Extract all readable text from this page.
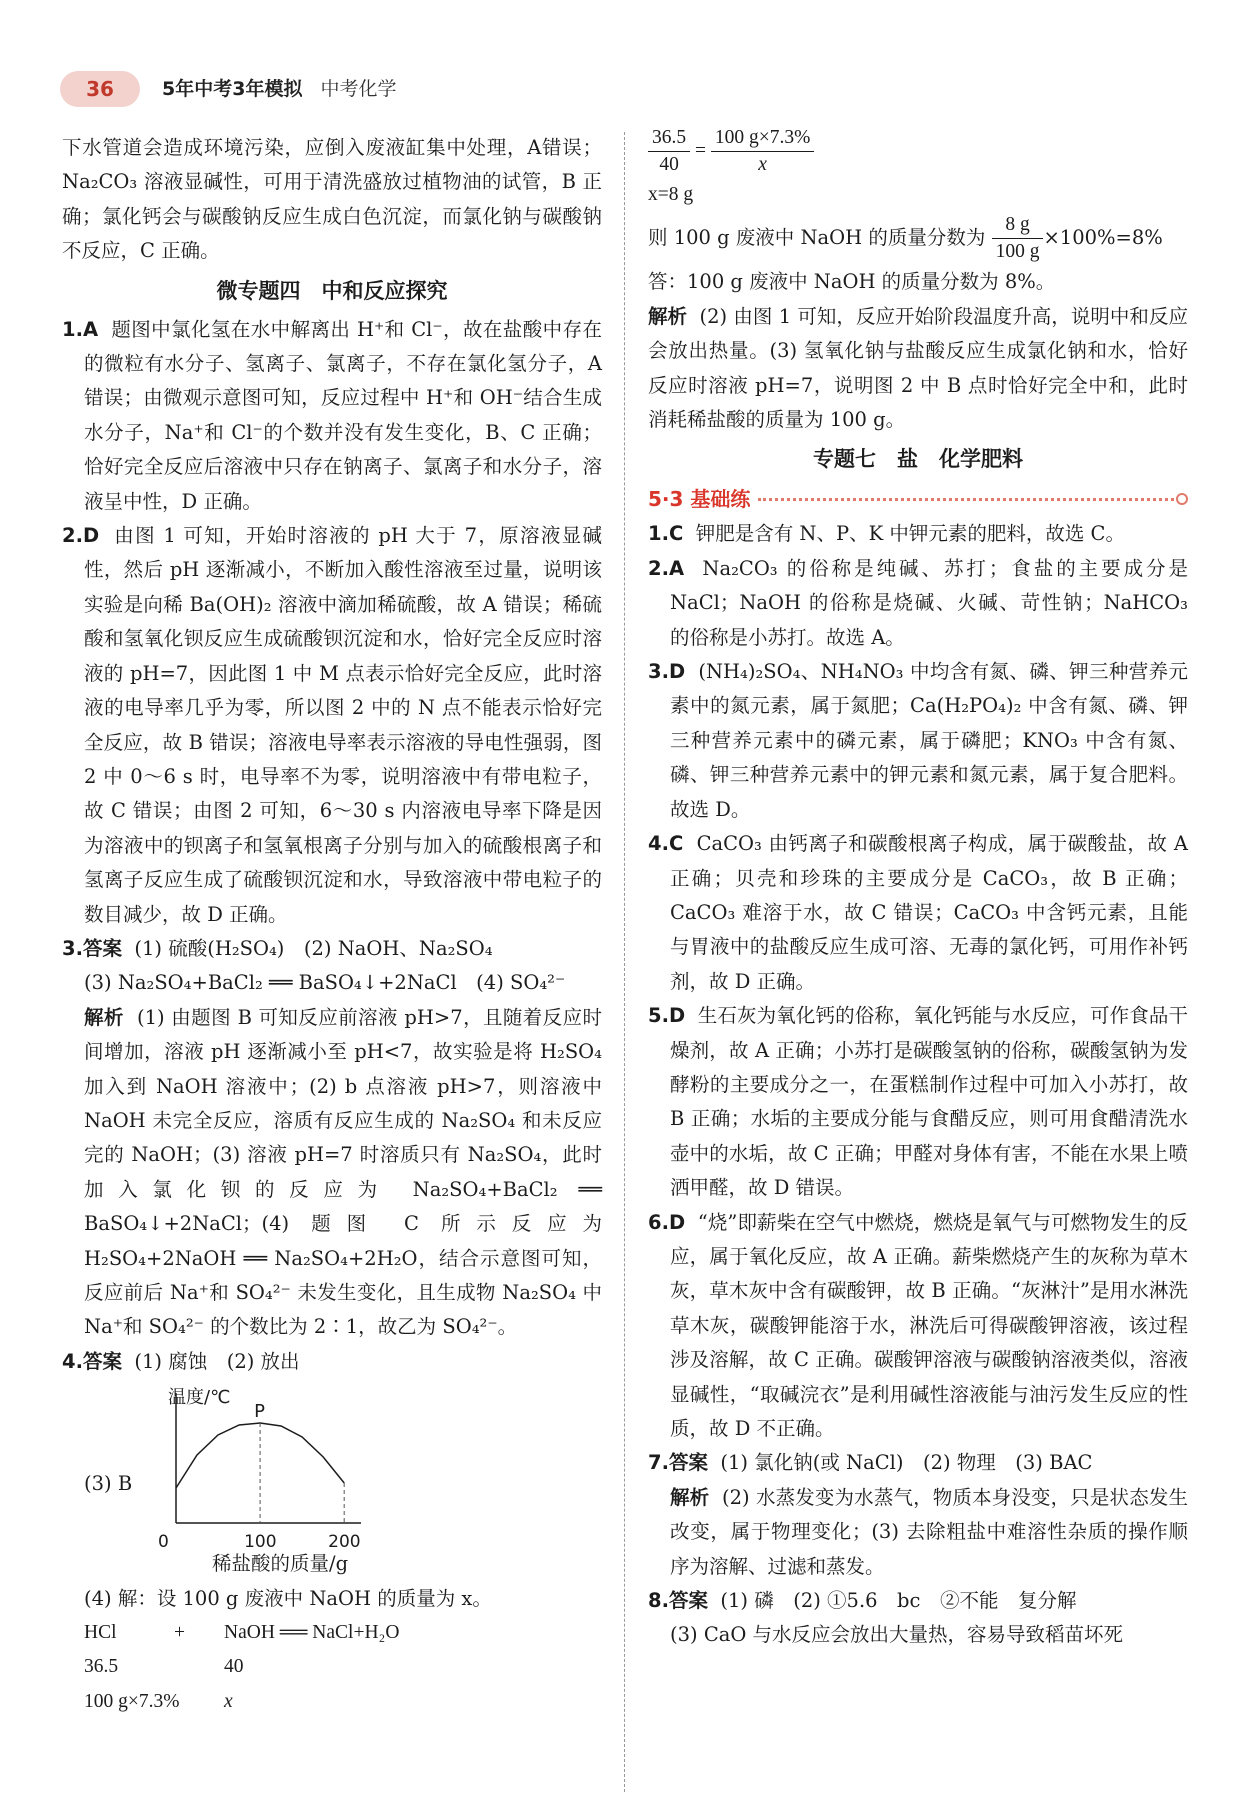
36	5年中考3年模拟 中考化学

下水管道会造成环境污染，应倒入废液缸集中处理，A错误；Na₂CO₃ 溶液显碱性，可用于清洗盛放过植物油的试管，B 正确；氯化钙会与碳酸钠反应生成白色沉淀，而氯化钠与碳酸钠不反应，C 正确。

微专题四　中和反应探究

1.A 题图中氯化氢在水中解离出 H⁺和 Cl⁻，故在盐酸中存在的微粒有水分子、氢离子、氯离子，不存在氯化氢分子，A 错误；由微观示意图可知，反应过程中 H⁺和 OH⁻结合生成水分子，Na⁺和 Cl⁻的个数并没有发生变化，B、C 正确；恰好完全反应后溶液中只存在钠离子、氯离子和水分子，溶液呈中性，D 正确。

2.D 由图 1 可知，开始时溶液的 pH 大于 7，原溶液显碱性，然后 pH 逐渐减小，不断加入酸性溶液至过量，说明该实验是向稀 Ba(OH)₂ 溶液中滴加稀硫酸，故 A 错误；稀硫酸和氢氧化钡反应生成硫酸钡沉淀和水，恰好完全反应时溶液的 pH=7，因此图 1 中 M 点表示恰好完全反应，此时溶液的电导率几乎为零，所以图 2 中的 N 点不能表示恰好完全反应，故 B 错误；溶液电导率表示溶液的导电性强弱，图 2 中 0～6 s 时，电导率不为零，说明溶液中有带电粒子，故 C 错误；由图 2 可知，6～30 s 内溶液电导率下降是因为溶液中的钡离子和氢氧根离子分别与加入的硫酸根离子和氢离子反应生成了硫酸钡沉淀和水，导致溶液中带电粒子的数目减少，故 D 正确。

3.答案 (1) 硫酸(H₂SO₄)　(2) NaOH、Na₂SO₄

(3) Na₂SO₄+BaCl₂ ══ BaSO₄↓+2NaCl　(4) SO₄²⁻

解析 (1) 由题图 B 可知反应前溶液 pH>7，且随着反应时间增加，溶液 pH 逐渐减小至 pH<7，故实验是将 H₂SO₄ 加入到 NaOH 溶液中；(2) b 点溶液 pH>7，则溶液中 NaOH 未完全反应，溶质有反应生成的 Na₂SO₄ 和未反应完的 NaOH；(3) 溶液 pH=7 时溶质只有 Na₂SO₄，此时加入氯化钡的反应为 Na₂SO₄+BaCl₂ ══ BaSO₄↓+2NaCl；(4) 题图 C 所示反应为 H₂SO₄+2NaOH ══ Na₂SO₄+2H₂O，结合示意图可知，反应前后 Na⁺和 SO₄²⁻ 未发生变化，且生成物 Na₂SO₄ 中 Na⁺和 SO₄²⁻ 的个数比为 2∶1，故乙为 SO₄²⁻。

4.答案 (1) 腐蚀　(2) 放出

(3) B
温度/℃
P
0	100	200

稀盐酸的质量/g

(4) 解：设 100 g 废液中 NaOH 的质量为 x。

HCl	+	NaOH ══ NaCl+H₂O
36.5	40
100 g×7.3%	x
$\frac{36.5}{40} = \frac{100 g\times 7.3\%}{x}$

x=8 g

则 100 g 废液中 NaOH 的质量分数为 $\frac{8 g}{100 g} \times 100\%=8\%$

答：100 g 废液中 NaOH 的质量分数为 8%。

解析 (2) 由图 1 可知，反应开始阶段温度升高，说明中和反应会放出热量。(3) 氢氧化钠与盐酸反应生成氯化钠和水，恰好反应时溶液 pH=7，说明图 2 中 B 点时恰好完全中和，此时消耗稀盐酸的质量为 100 g。

专题七　盐　化学肥料
5·3 基础练

1.C 钾肥是含有 N、P、K 中钾元素的肥料，故选 C。

2.A Na₂CO₃ 的俗称是纯碱、苏打；食盐的主要成分是 NaCl；NaOH 的俗称是烧碱、火碱、苛性钠；NaHCO₃ 的俗称是小苏打。故选 A。

3.D (NH₄)₂SO₄、NH₄NO₃ 中均含有氮、磷、钾三种营养元素中的氮元素，属于氮肥；Ca(H₂PO₄)₂ 中含有氮、磷、钾三种营养元素中的磷元素，属于磷肥；KNO₃ 中含有氮、磷、钾三种营养元素中的钾元素和氮元素，属于复合肥料。故选 D。

4.C CaCO₃ 由钙离子和碳酸根离子构成，属于碳酸盐，故 A 正确；贝壳和珍珠的主要成分是 CaCO₃，故 B 正确；CaCO₃ 难溶于水，故 C 错误；CaCO₃ 中含钙元素，且能与胃液中的盐酸反应生成可溶、无毒的氯化钙，可用作补钙剂，故 D 正确。

5.D 生石灰为氧化钙的俗称，氧化钙能与水反应，可作食品干燥剂，故 A 正确；小苏打是碳酸氢钠的俗称，碳酸氢钠为发酵粉的主要成分之一，在蛋糕制作过程中可加入小苏打，故 B 正确；水垢的主要成分能与食醋反应，则可用食醋清洗水壶中的水垢，故 C 正确；甲醛对身体有害，不能在水果上喷洒甲醛，故 D 错误。

6.D “烧”即薪柴在空气中燃烧，燃烧是氧气与可燃物发生的反应，属于氧化反应，故 A 正确。薪柴燃烧产生的灰称为草木灰，草木灰中含有碳酸钾，故 B 正确。“灰淋汁”是用水淋洗草木灰，碳酸钾能溶于水，淋洗后可得碳酸钾溶液，该过程涉及溶解，故 C 正确。碳酸钾溶液与碳酸钠溶液类似，溶液显碱性，“取碱浣衣”是利用碱性溶液能与油污发生反应的性质，故 D 不正确。

7.答案 (1) 氯化钠(或 NaCl)　(2) 物理　(3) BAC

解析 (2) 水蒸发变为水蒸气，物质本身没变，只是状态发生改变，属于物理变化；(3) 去除粗盐中难溶性杂质的操作顺序为溶解、过滤和蒸发。

8.答案 (1) 磷　(2) ①5.6　bc　②不能　复分解

(3) CaO 与水反应会放出大量热，容易导致稻苗坏死
